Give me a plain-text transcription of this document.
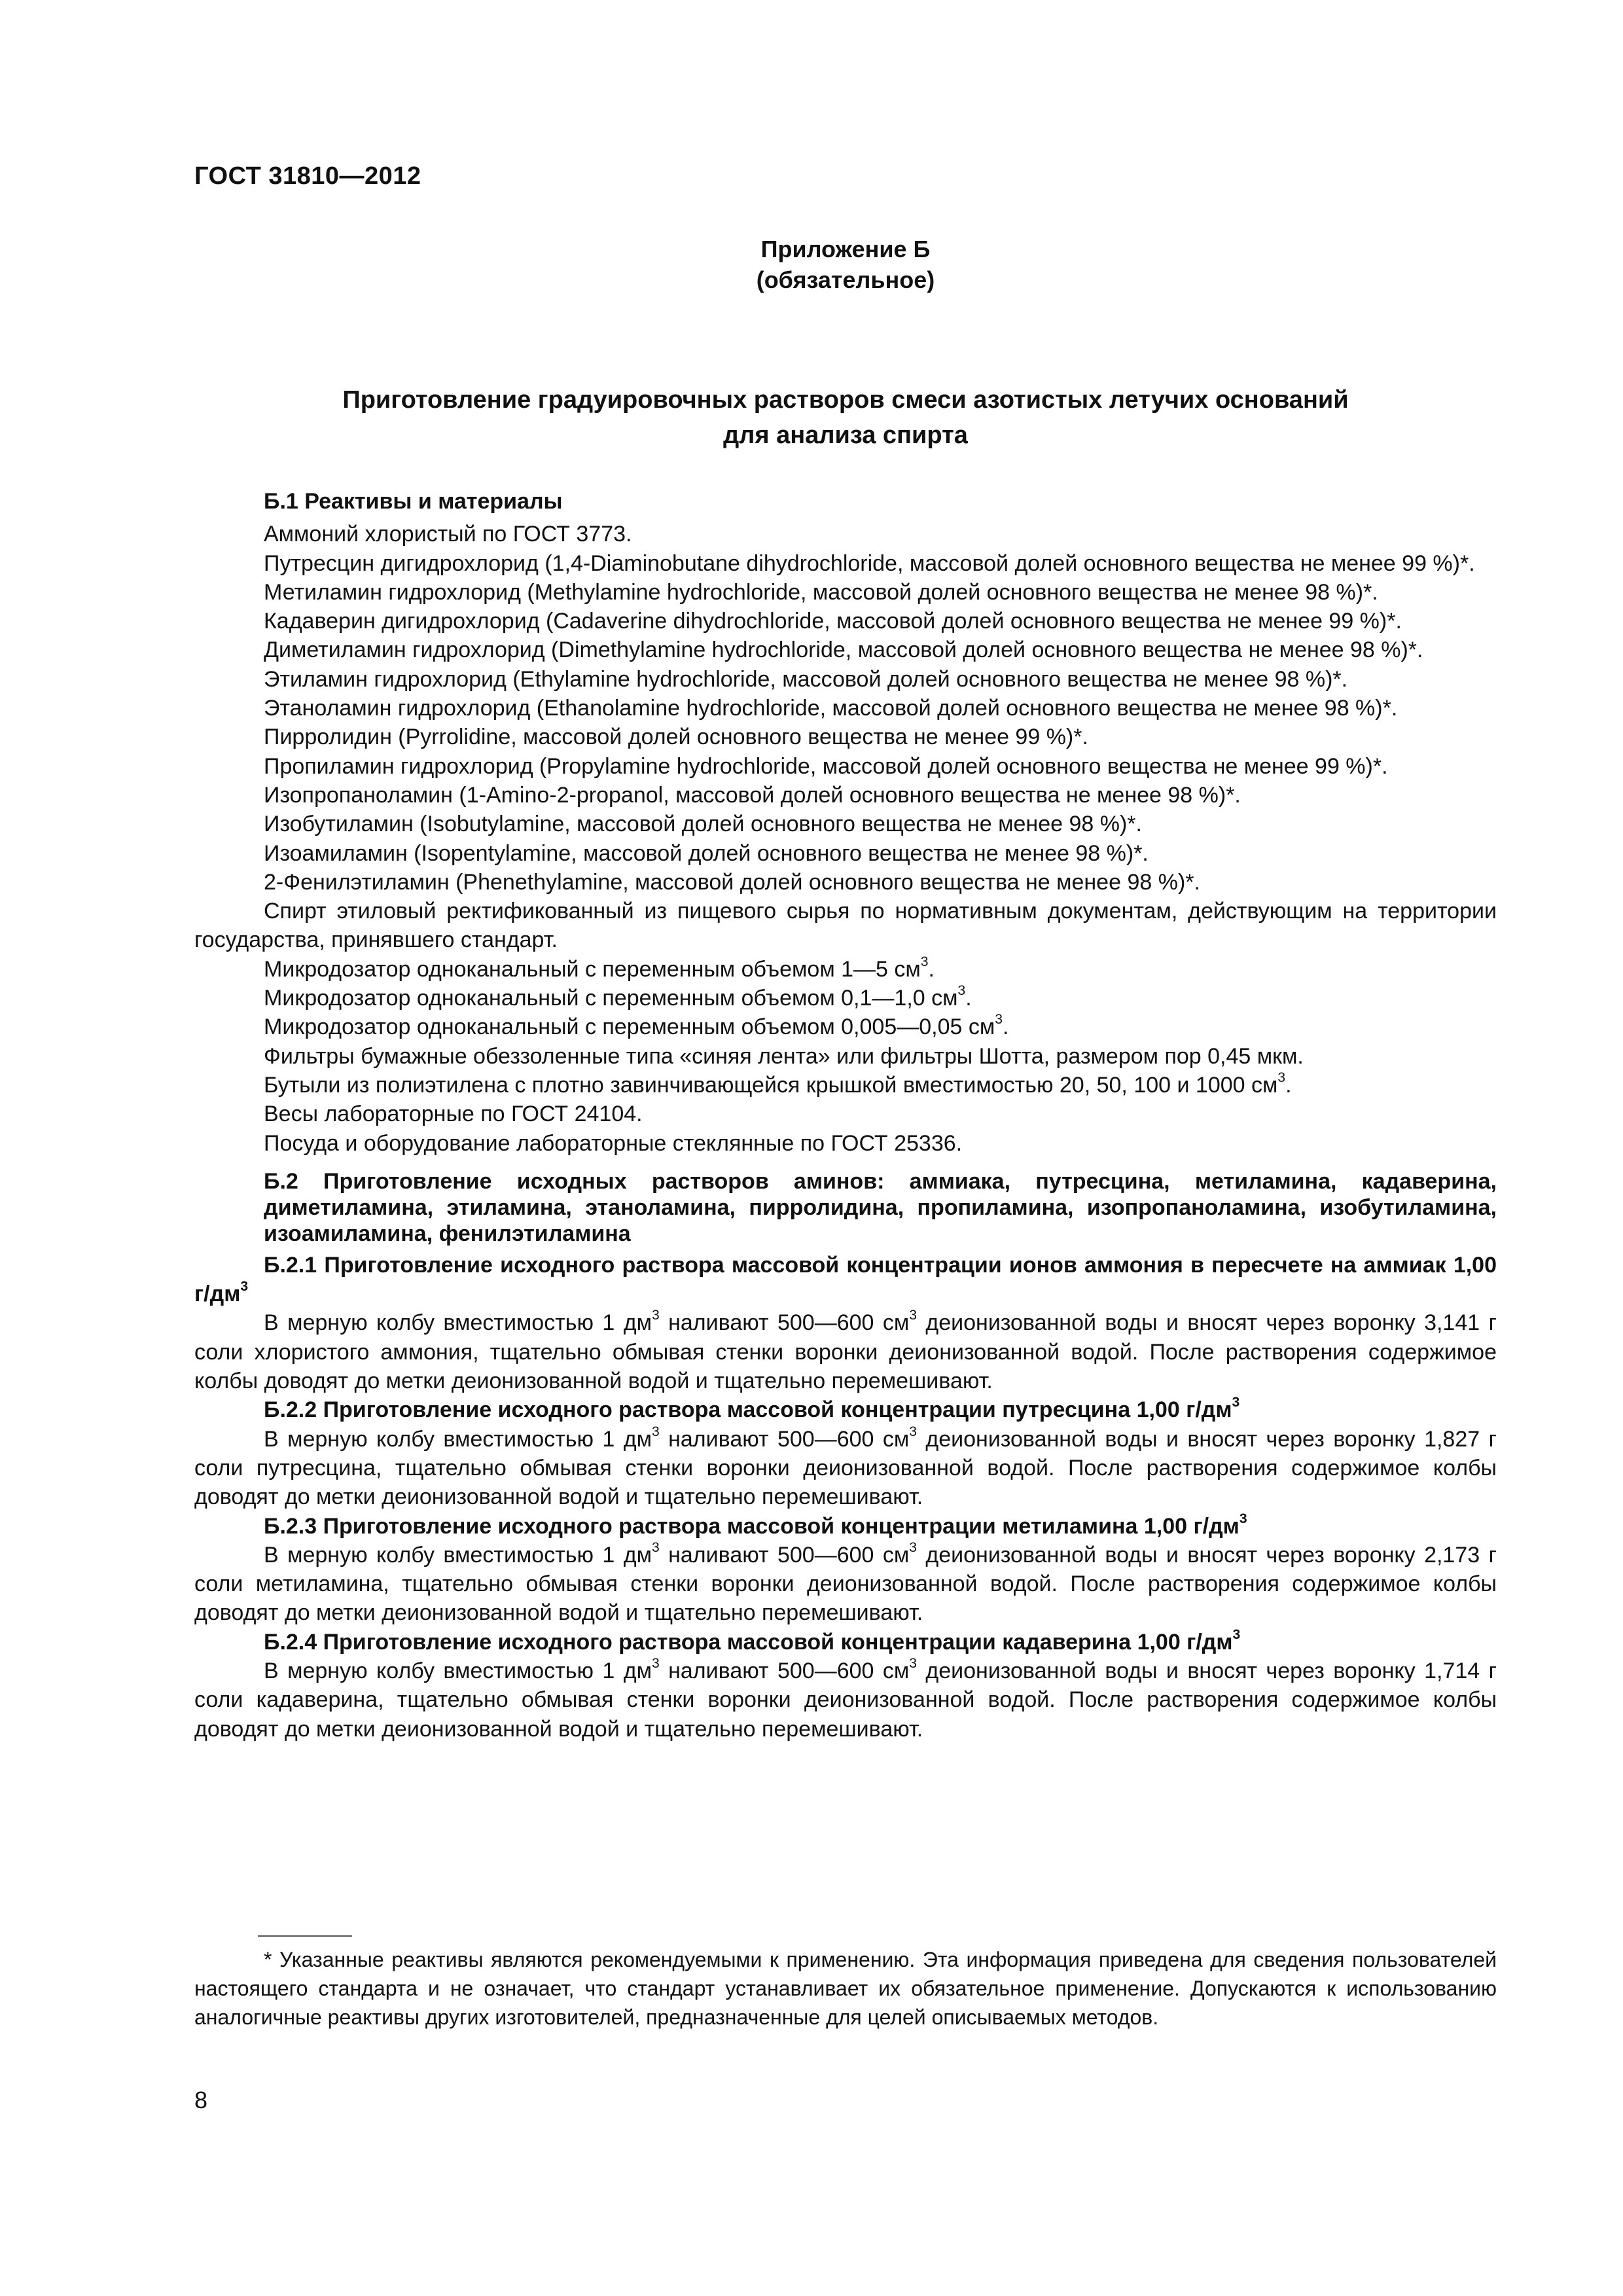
ГОСТ 31810—2012
Приложение Б
(обязательное)
Приготовление градуировочных растворов смеси азотистых летучих оснований
для анализа спирта

Б.1 Реактивы и материалы

Аммоний хлористый по ГОСТ 3773.

Путресцин дигидрохлорид (1,4-Diaminobutane dihydrochloride, массовой долей основного вещества не менее 99 %)*.

Метиламин гидрохлорид (Methylamine hydrochloride, массовой долей основного вещества не менее 98 %)*.

Кадаверин дигидрохлорид (Cadaverine dihydrochloride, массовой долей основного вещества не менее 99 %)*.

Диметиламин гидрохлорид (Dimethylamine hydrochloride, массовой долей основного вещества не менее 98 %)*.

Этиламин гидрохлорид (Ethylamine hydrochloride, массовой долей основного вещества не менее 98 %)*.

Этаноламин гидрохлорид (Ethanolamine hydrochloride, массовой долей основного вещества не менее 98 %)*.

Пирролидин (Pyrrolidine, массовой долей основного вещества не менее 99 %)*.

Пропиламин гидрохлорид (Propylamine hydrochloride, массовой долей основного вещества не менее 99 %)*.

Изопропаноламин (1-Amino-2-propanol, массовой долей основного вещества не менее 98 %)*.

Изобутиламин (Isobutylamine, массовой долей основного вещества не менее 98 %)*.

Изоамиламин (Isopentylamine, массовой долей основного вещества не менее 98 %)*.

2-Фенилэтиламин (Phenethylamine, массовой долей основного вещества не менее 98 %)*.

Спирт этиловый ректификованный из пищевого сырья по нормативным документам, действующим на территории государства, принявшего стандарт.

Микродозатор одноканальный с переменным объемом 1—5 $см^3$.

Микродозатор одноканальный с переменным объемом 0,1—1,0 $см^3$.

Микродозатор одноканальный с переменным объемом 0,005—0,05 $см^3$.

Фильтры бумажные обеззоленные типа «синяя лента» или фильтры Шотта, размером пор 0,45 мкм.

Бутыли из полиэтилена с плотно завинчивающейся крышкой вместимостью 20, 50, 100 и 1000 $см^3$.

Весы лабораторные по ГОСТ 24104.

Посуда и оборудование лабораторные стеклянные по ГОСТ 25336.

Б.2 Приготовление исходных растворов аминов: аммиака, путресцина, метиламина, кадаверина, диметиламина, этиламина, этаноламина, пирролидина, пропиламина, изопропаноламина, изобутиламина, изоамиламина, фенилэтиламина

Б.2.1 Приготовление исходного раствора массовой концентрации ионов аммония в пересчете на аммиак 1,00 $г/дм^3$

В мерную колбу вместимостью 1 $дм^3$ наливают 500—600 $см^3$ деионизованной воды и вносят через воронку 3,141 г соли хлористого аммония, тщательно обмывая стенки воронки деионизованной водой. После растворения содержимое колбы доводят до метки деионизованной водой и тщательно перемешивают.

Б.2.2 Приготовление исходного раствора массовой концентрации путресцина 1,00 $г/дм^3$

В мерную колбу вместимостью 1 $дм^3$ наливают 500—600 $см^3$ деионизованной воды и вносят через воронку 1,827 г соли путресцина, тщательно обмывая стенки воронки деионизованной водой. После растворения содержимое колбы доводят до метки деионизованной водой и тщательно перемешивают.

Б.2.3 Приготовление исходного раствора массовой концентрации метиламина 1,00 $г/дм^3$

В мерную колбу вместимостью 1 $дм^3$ наливают 500—600 $см^3$ деионизованной воды и вносят через воронку 2,173 г соли метиламина, тщательно обмывая стенки воронки деионизованной водой. После растворения содержимое колбы доводят до метки деионизованной водой и тщательно перемешивают.

Б.2.4 Приготовление исходного раствора массовой концентрации кадаверина 1,00 $г/дм^3$

В мерную колбу вместимостью 1 $дм^3$ наливают 500—600 $см^3$ деионизованной воды и вносят через воронку 1,714 г соли кадаверина, тщательно обмывая стенки воронки деионизованной водой. После растворения содержимое колбы доводят до метки деионизованной водой и тщательно перемешивают.

* Указанные реактивы являются рекомендуемыми к применению. Эта информация приведена для сведения пользователей настоящего стандарта и не означает, что стандарт устанавливает их обязательное применение. Допускаются к использованию аналогичные реактивы других изготовителей, предназначенные для целей описываемых методов.

8
